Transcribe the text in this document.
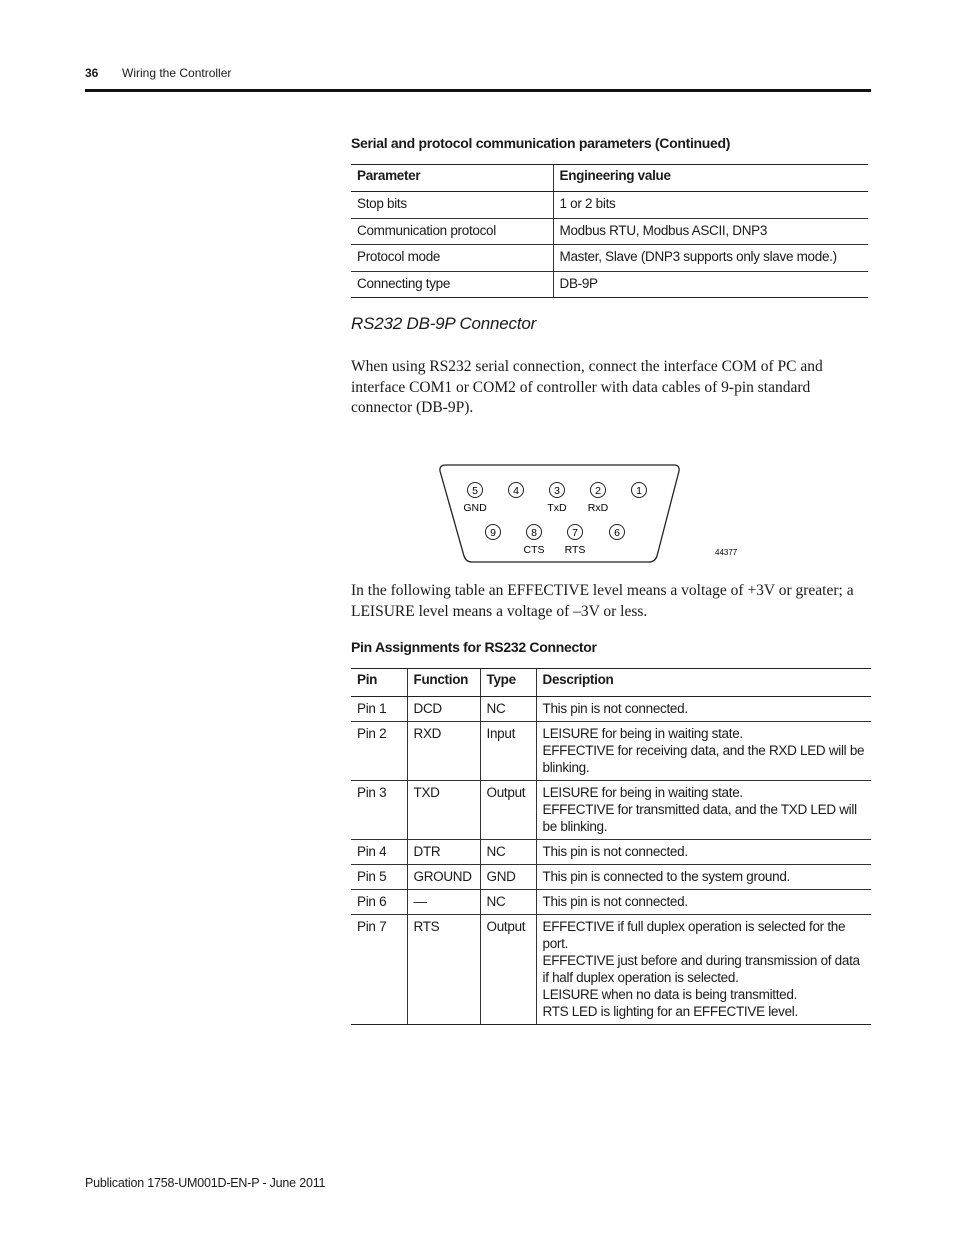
36 Wiring the Controller
Serial and protocol communication parameters (Continued)
Parameter	Engineering value
Stop bits	1 or 2 bits
Communication protocol	Modbus RTU, Modbus ASCII, DNP3
Protocol mode	Master, Slave (DNP3 supports only slave mode.)
Connecting type	DB-9P
RS232 DB-9P Connector
When using RS232 serial connection, connect the interface COM of PC and interface COM1 or COM2 of controller with data cables of 9-pin standard connector (DB-9P).
5	4	3	2	1
GND	TxD RxD
9	8	7	6
CTS RTS	44377
In the following table an EFFECTIVE level means a voltage of +3V or greater; a LEISURE level means a voltage of –3V or less.
Pin Assignments for RS232 Connector
Pin	Function	Type	Description
Pin 1	DCD	NC	This pin is not connected.

Pin 2	RXD	Input	LEISURE for being in waiting state.
EFFECTIVE for receiving data, and the RXD LED will be blinking.

Pin 3	TXD	Output	LEISURE for being in waiting state.
EFFECTIVE for transmitted data, and the TXD LED will be blinking.

Pin 4	DTR	NC	This pin is not connected.

Pin 5	GROUND	GND	This pin is connected to the system ground.

Pin 6	—	NC	This pin is not connected.

Pin 7	RTS	Output	EFFECTIVE if full duplex operation is selected for the port.
EFFECTIVE just before and during transmission of data if half duplex operation is selected.
LEISURE when no data is being transmitted.
RTS LED is lighting for an EFFECTIVE level.
Publication 1758-UM001D-EN-P - June 2011
